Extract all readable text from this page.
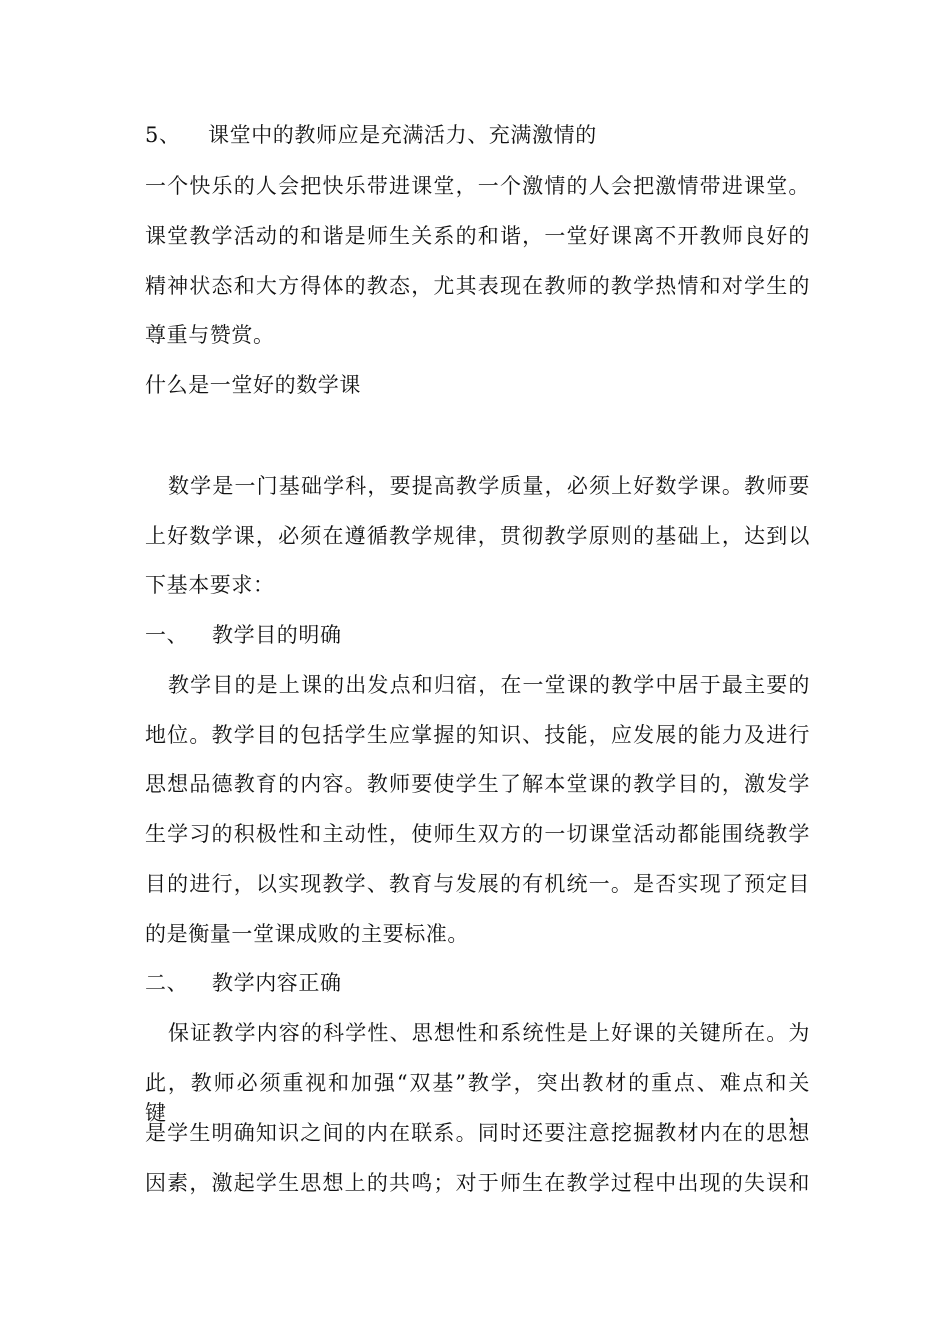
5、 课堂中的教师应是充满活力、充满激情的
一个快乐的人会把快乐带进课堂，一个激情的人会把激情带进课堂。
课堂教学活动的和谐是师生关系的和谐，一堂好课离不开教师良好的
精神状态和大方得体的教态，尤其表现在教师的教学热情和对学生的
尊重与赞赏。
什么是一堂好的数学课
数学是一门基础学科，要提高教学质量，必须上好数学课。教师要
上好数学课，必须在遵循教学规律，贯彻教学原则的基础上，达到以
下基本要求：
一、 教学目的明确
教学目的是上课的出发点和归宿，在一堂课的教学中居于最主要的
地位。教学目的包括学生应掌握的知识、技能，应发展的能力及进行
思想品德教育的内容。教师要使学生了解本堂课的教学目的，激发学
生学习的积极性和主动性，使师生双方的一切课堂活动都能围绕教学
目的进行，以实现教学、教育与发展的有机统一。是否实现了预定目
的是衡量一堂课成败的主要标准。
二、 教学内容正确
保证教学内容的科学性、思想性和系统性是上好课的关键所在。为
此，教师必须重视和加强“双基”教学，突出教材的重点、难点和关键，
是学生明确知识之间的内在联系。同时还要注意挖掘教材内在的思想
因素，激起学生思想上的共鸣；对于师生在教学过程中出现的失误和
